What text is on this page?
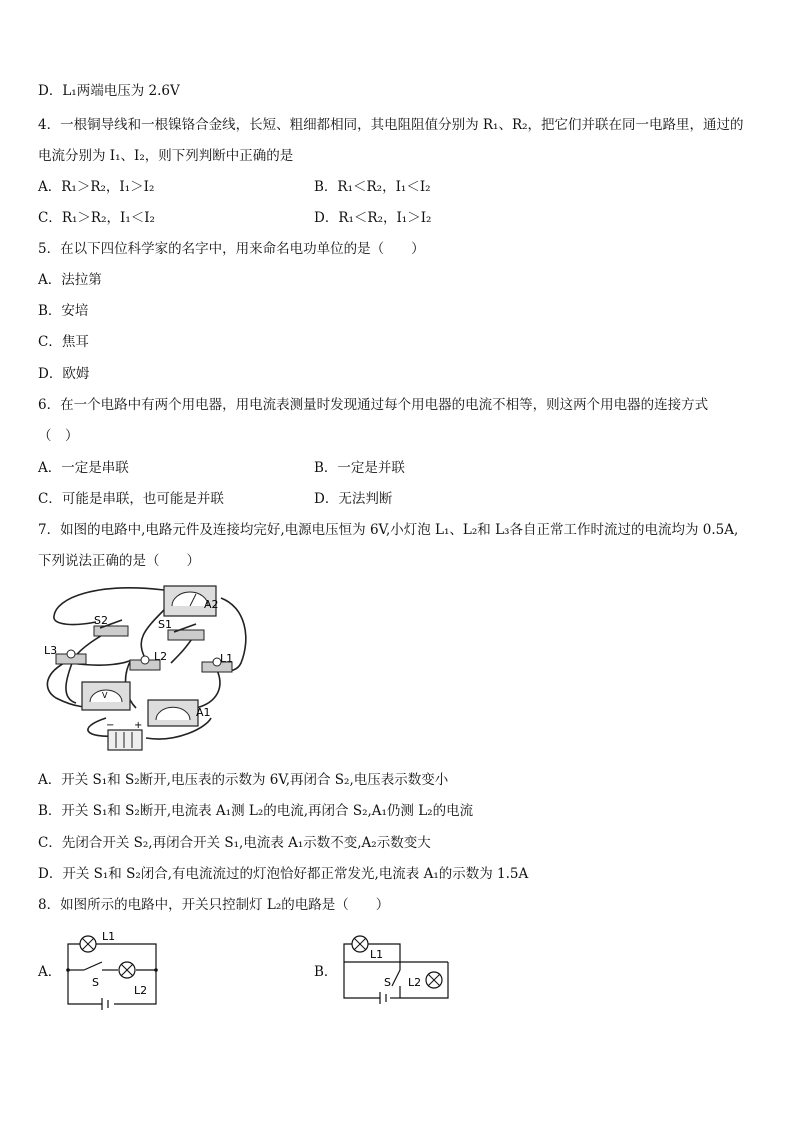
D．L₁两端电压为 2.6V
4．一根铜导线和一根镍铬合金线，长短、粗细都相同，其电阻阻值分别为 R₁、R₂，把它们并联在同一电路里，通过的
电流分别为 I₁、I₂，则下列判断中正确的是
A．R₁＞R₂，I₁＞I₂	B．R₁＜R₂，I₁＜I₂
C．R₁＞R₂，I₁＜I₂	D．R₁＜R₂，I₁＞I₂
5．在以下四位科学家的名字中，用来命名电功单位的是（　　）
A．法拉第
B．安培
C．焦耳
D．欧姆
6．在一个电路中有两个用电器，用电流表测量时发现通过每个用电器的电流不相等，则这两个用电器的连接方式
（　）
A．一定是串联	B．一定是并联
C．可能是串联，也可能是并联	D．无法判断
7．如图的电路中,电路元件及连接均完好,电源电压恒为 6V,小灯泡 L₁、L₂和 L₃各自正常工作时流过的电流均为 0.5A,
下列说法正确的是（　　）
A2
S2	S1
L3	L2	L1
V
A1
− +
A．开关 S₁和 S₂断开,电压表的示数为 6V,再闭合 S₂,电压表示数变小
B．开关 S₁和 S₂断开,电流表 A₁测 L₂的电流,再闭合 S₂,A₁仍测 L₂的电流
C．先闭合开关 S₂,再闭合开关 S₁,电流表 A₁示数不变,A₂示数变大
D．开关 S₁和 S₂闭合,有电流流过的灯泡恰好都正常发光,电流表 A₁的示数为 1.5A
8．如图所示的电路中，开关只控制灯 L₂的电路是（　　）
A．	B．
L1
S
L2
L1
S L2
